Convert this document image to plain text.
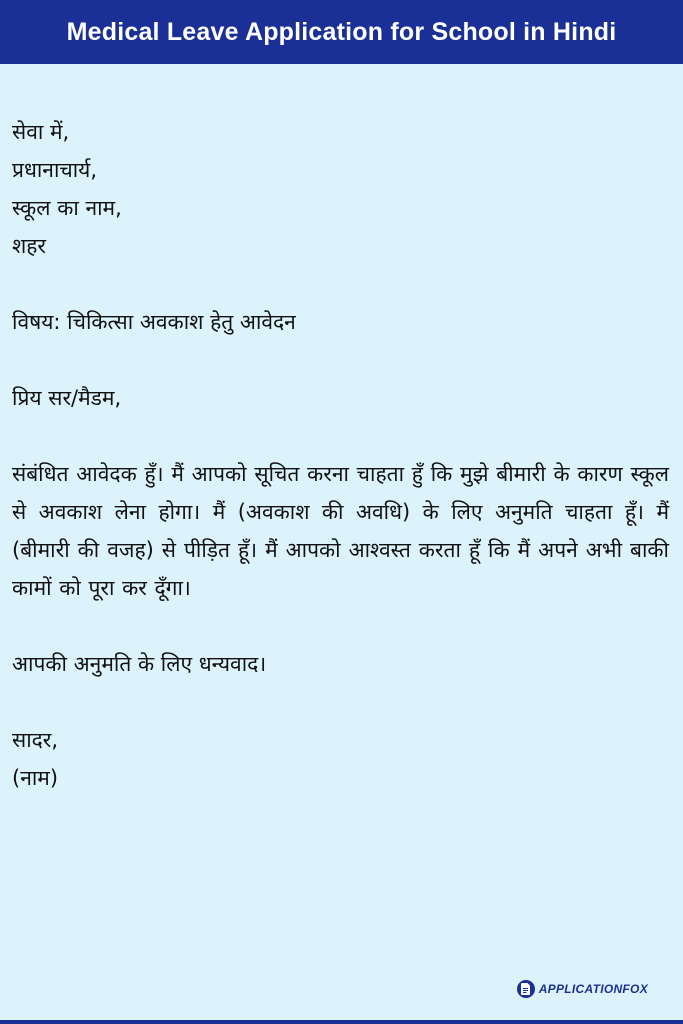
Medical Leave Application for School in Hindi
सेवा में,
प्रधानाचार्य,
स्कूल का नाम,
शहर
विषय: चिकित्सा अवकाश हेतु आवेदन
प्रिय सर/मैडम,
संबंधित आवेदक हुँ। मैं आपको सूचित करना चाहता हुँ कि मुझे बीमारी के कारण स्कूल से अवकाश लेना होगा। मैं (अवकाश की अवधि) के लिए अनुमति चाहता हूँ। मैं (बीमारी की वजह) से पीड़ित हूँ। मैं आपको आश्वस्त करता हूँ कि मैं अपने अभी बाकी कामों को पूरा कर दूँगा।
आपकी अनुमति के लिए धन्यवाद।
सादर,
(नाम)
APPLICATIONFOX
